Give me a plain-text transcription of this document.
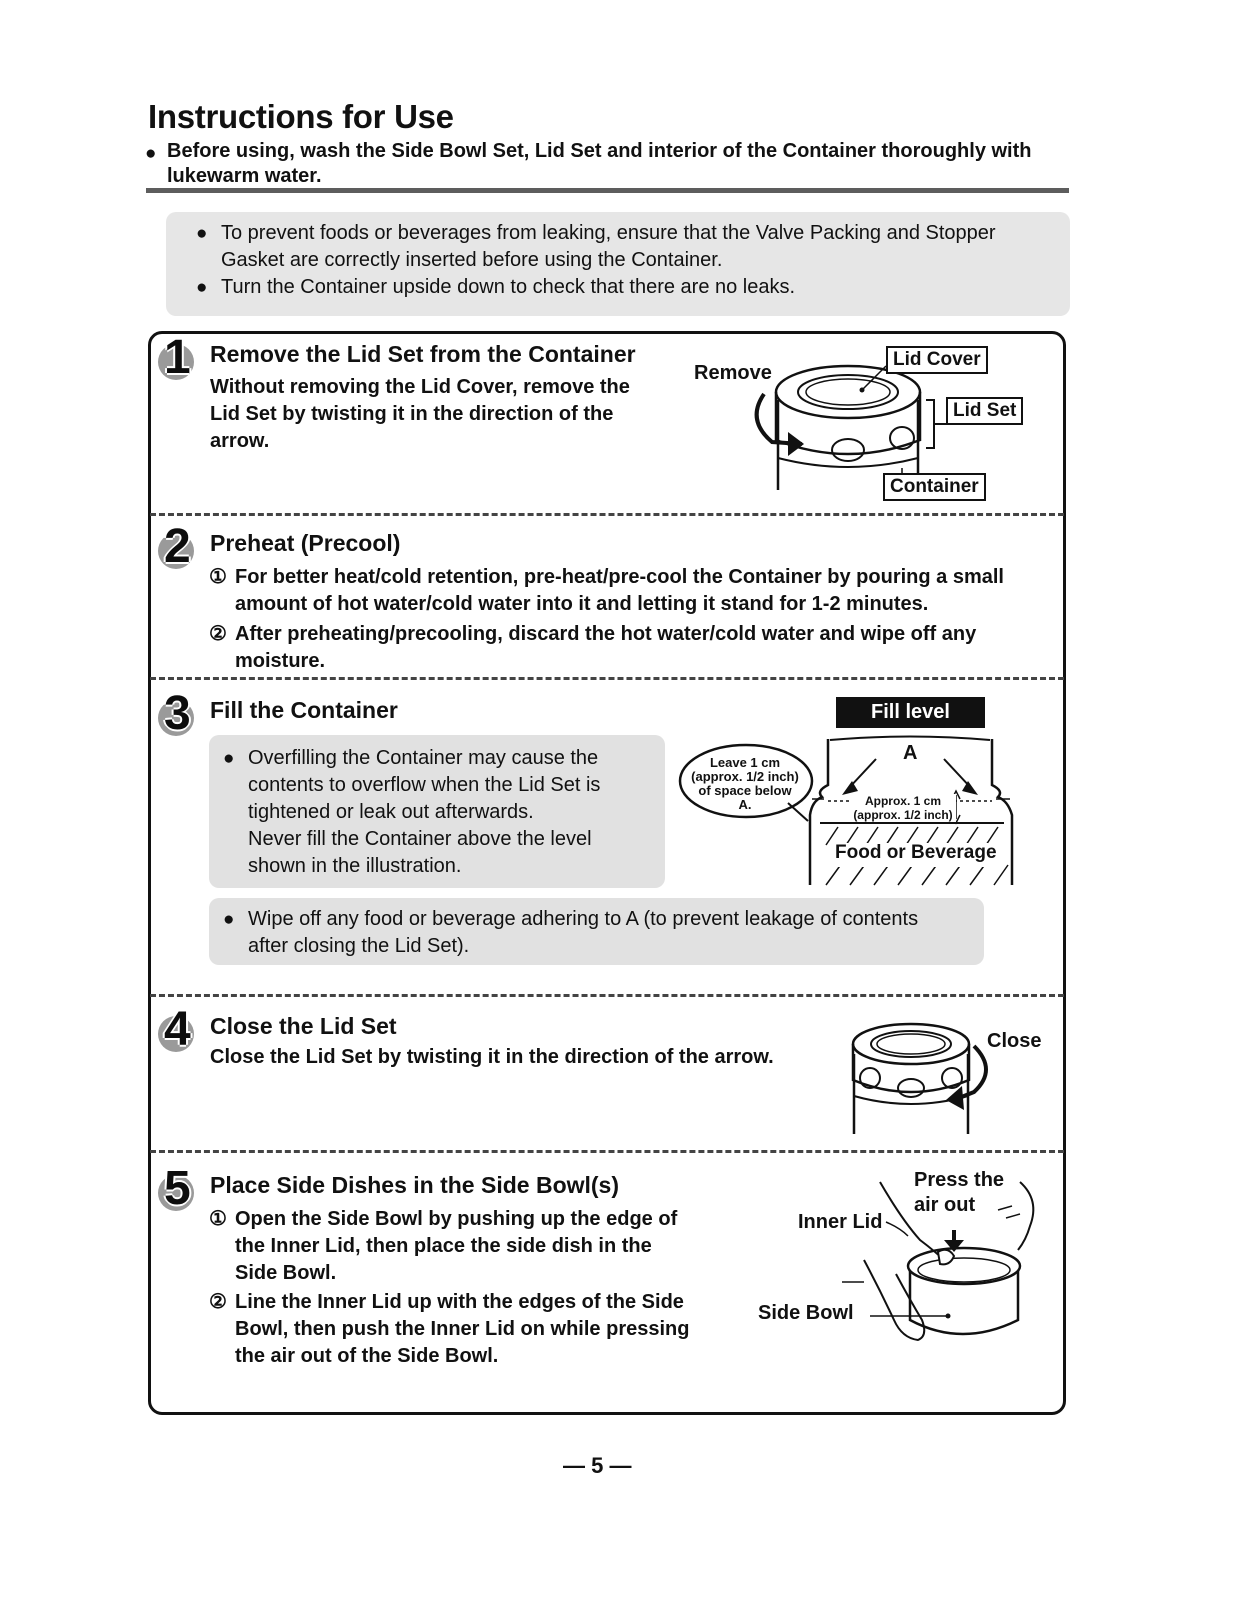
Instructions for Use
● Before using, wash the Side Bowl Set, Lid Set and interior of the Container thoroughly with lukewarm water.
● To prevent foods or beverages from leaking, ensure that the Valve Packing and Stopper Gasket are correctly inserted before using the Container.
● Turn the Container upside down to check that there are no leaks.
1 Remove the Lid Set from the Container
Without removing the Lid Cover, remove the Lid Set by twisting it in the direction of the arrow.
Remove
Lid Cover
Lid Set
Container
2 Preheat (Precool)
① For better heat/cold retention, pre-heat/pre-cool the Container by pouring a small amount of hot water/cold water into it and letting it stand for 1-2 minutes.
② After preheating/precooling, discard the hot water/cold water and wipe off any moisture.
3 Fill the Container
● Overfilling the Container may cause the contents to overflow when the Lid Set is tightened or leak out afterwards.
Never fill the Container above the level shown in the illustration.
● Wipe off any food or beverage adhering to A (to prevent leakage of contents after closing the Lid Set).
Fill level
Leave 1 cm
(approx. 1/2 inch)
of space below
A.
A
Approx. 1 cm
(approx. 1/2 inch)
Food or Beverage
4 Close the Lid Set
Close the Lid Set by twisting it in the direction of the arrow.
Close
5 Place Side Dishes in the Side Bowl(s)
① Open the Side Bowl by pushing up the edge of the Inner Lid, then place the side dish in the Side Bowl.
② Line the Inner Lid up with the edges of the Side Bowl, then push the Inner Lid on while pressing the air out of the Side Bowl.
Press the
air out
Inner Lid
Side Bowl
— 5 —
